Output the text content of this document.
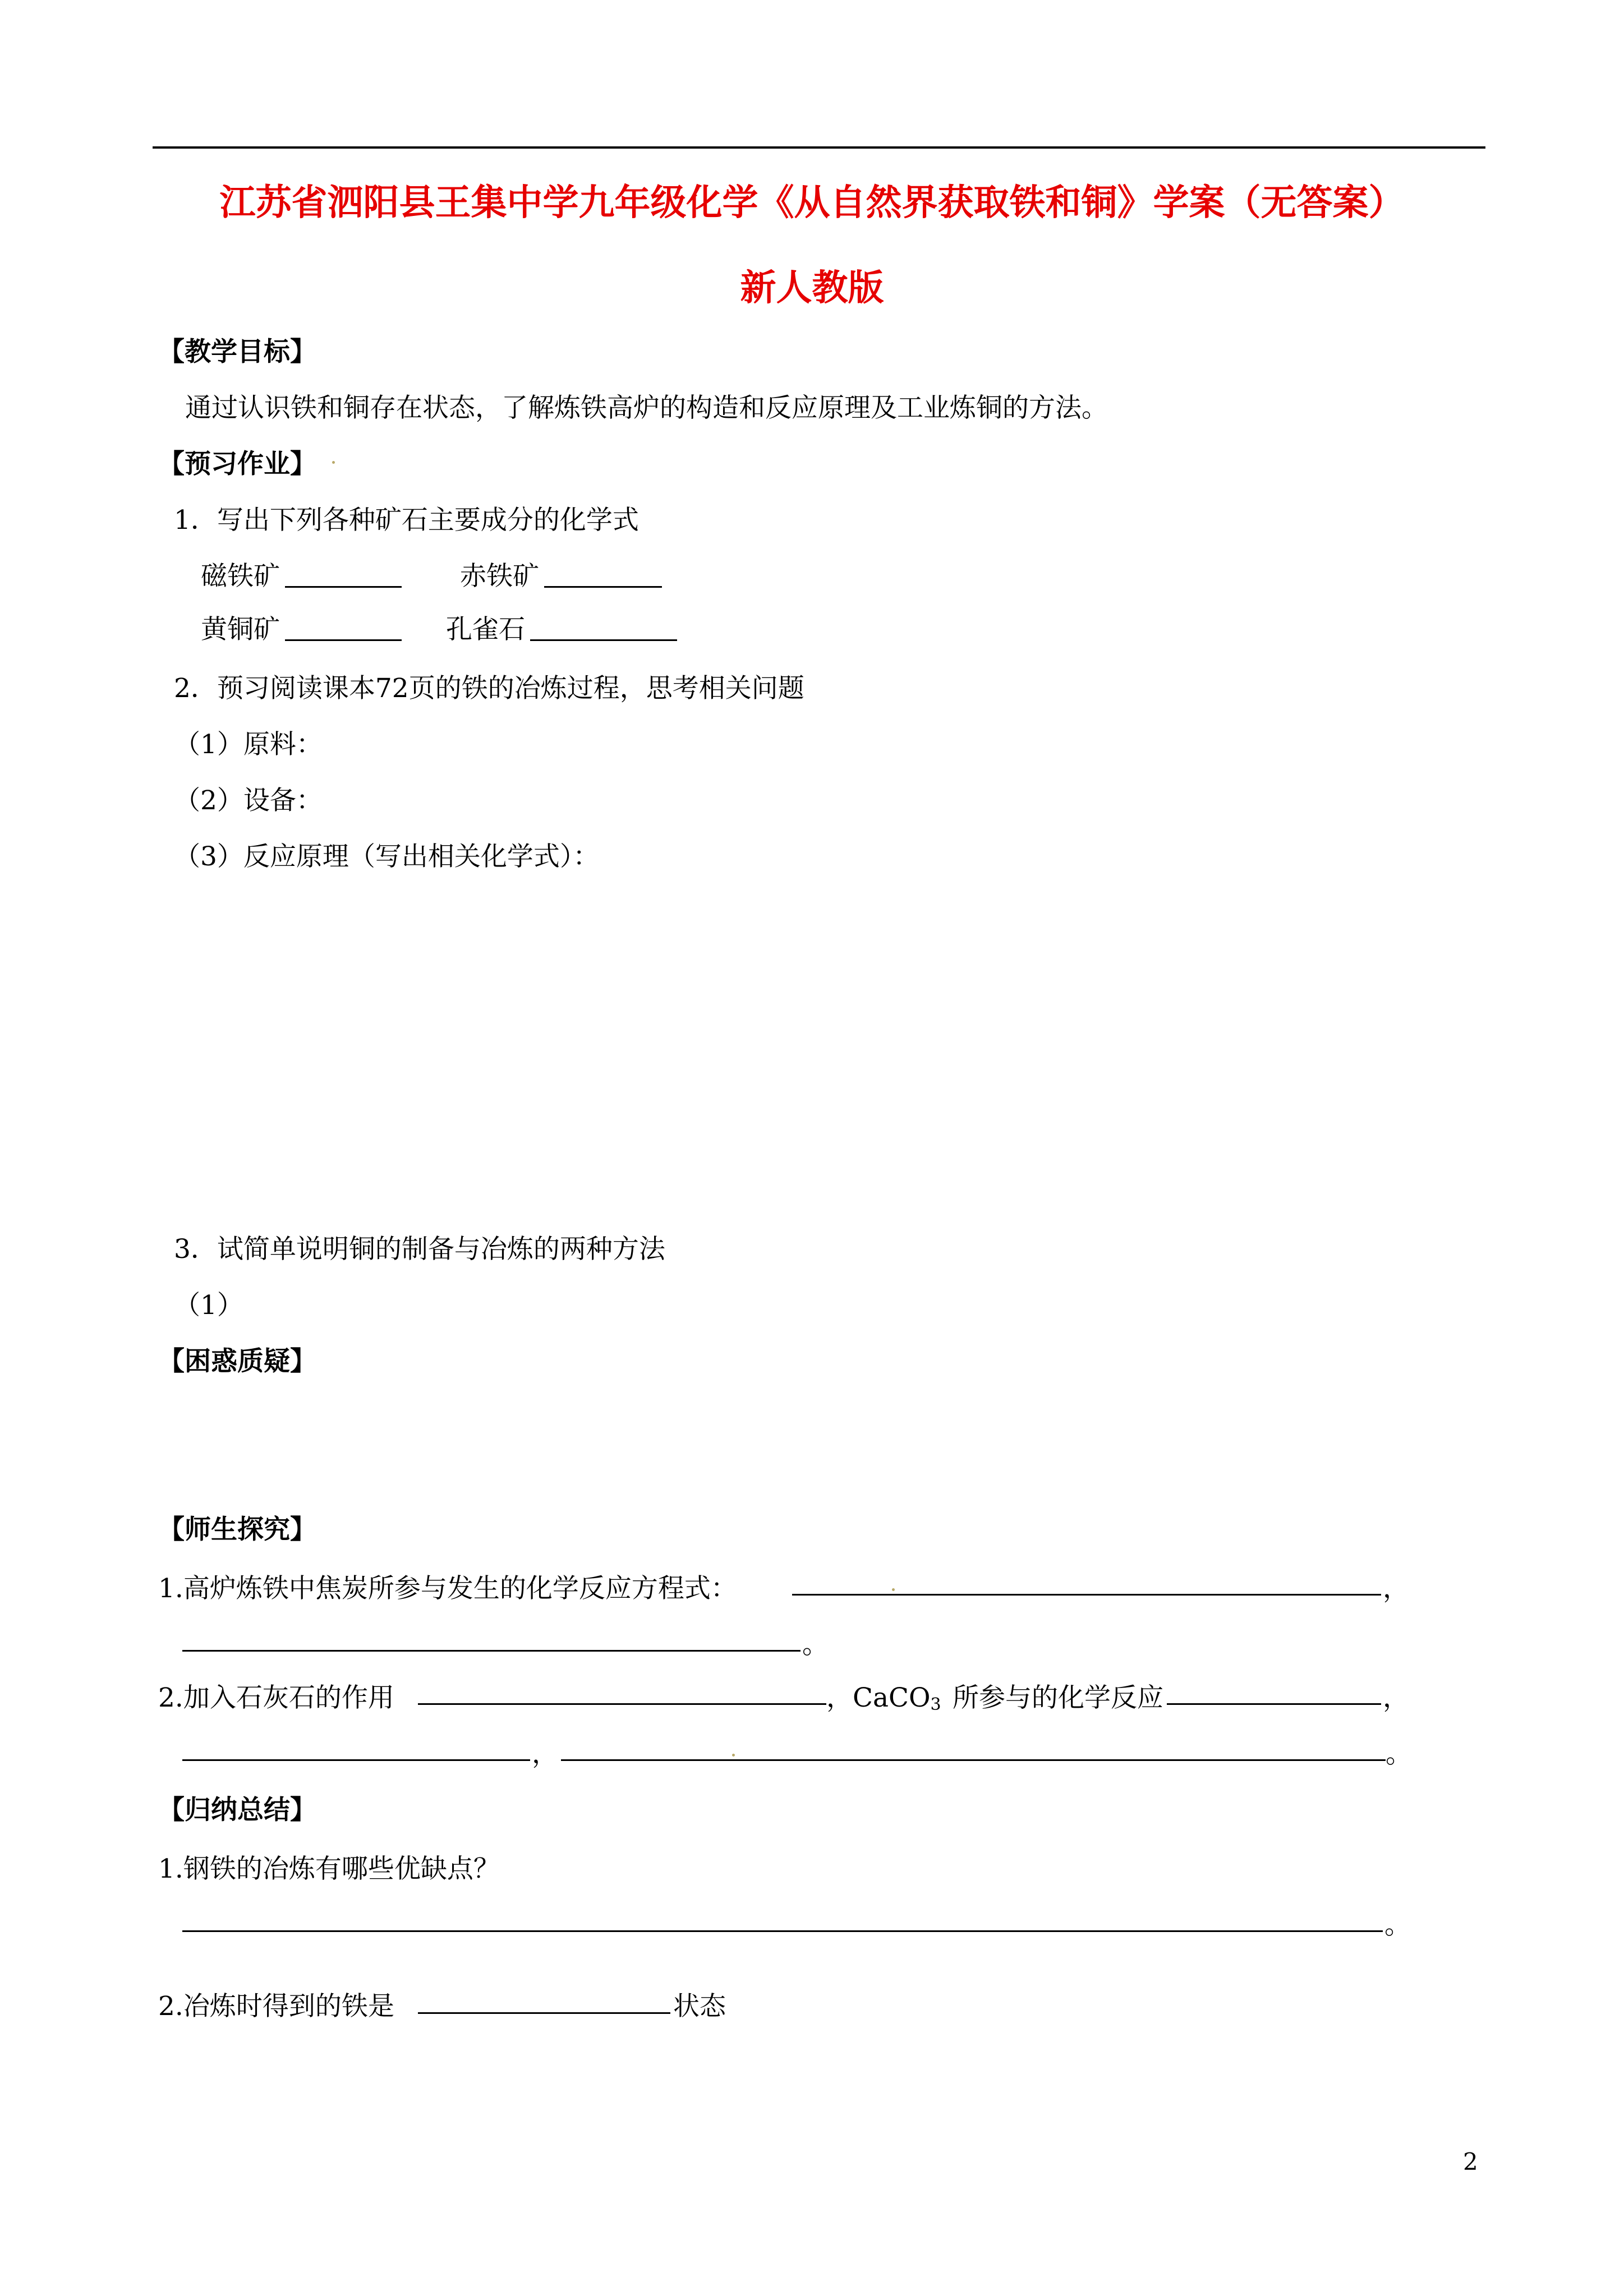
江苏省泗阳县王集中学九年级化学《从自然界获取铁和铜》学案（无答案）
新人教版
【教学目标】
通过认识铁和铜存在状态，了解炼铁高炉的构造和反应原理及工业炼铜的方法。
【预习作业】
1．写出下列各种矿石主要成分的化学式
磁铁矿	赤铁矿
黄铜矿	孔雀石
2．预习阅读课本72页的铁的冶炼过程，思考相关问题
（1）原料：
（2）设备：
（3）反应原理（写出相关化学式）：
3．试简单说明铜的制备与冶炼的两种方法
（1）
【困惑质疑】
【师生探究】
1.高炉炼铁中焦炭所参与发生的化学反应方程式：	，
。
2.加入石灰石的作用	，CaCO$_3$ 所参与的化学反应	，
，	。
【归纳总结】
1.钢铁的冶炼有哪些优缺点？
。
2.冶炼时得到的铁是	状态
2
